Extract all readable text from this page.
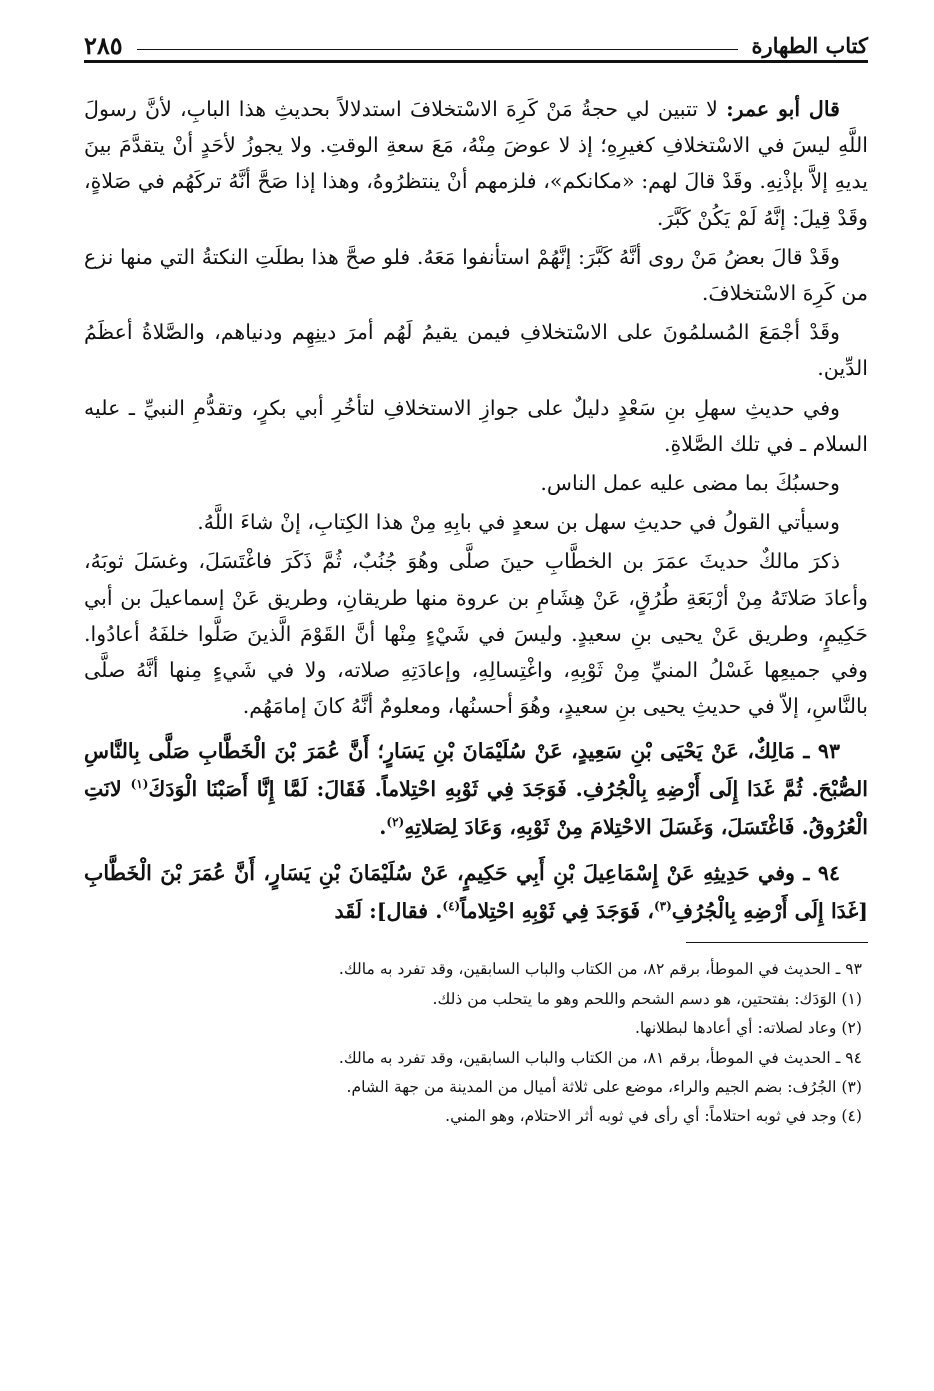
كتاب الطهارة
٢٨٥

قال أبو عمر: لا تتبين لي حجةُ مَنْ كَرِهَ الاسْتخلافَ استدلالاً بحديثِ هذا البابِ، لأنَّ رسولَ اللَّهِ ليسَ في الاسْتخلافِ كغيرِهِ؛ إذ لا عوضَ مِنْهُ، مَعَ سعةِ الوقتِ. ولا يجوزُ لأحَدٍ أنْ يتقدَّمَ بينَ يديهِ إلاَّ بإذْنِهِ. وقَدْ قالَ لهم: «مكانكم»، فلزمهم أنْ ينتظرُوهُ، وهذا إذا صَحَّ أنَّهُ تركَهُم في صَلاةٍ، وقَدْ قِيلَ: إنَّهُ لَمْ يَكُنْ كَبَّرَ.

وقَدْ قالَ بعضُ مَنْ روى أنَّهُ كَبَّرَ: إنَّهُمْ استأنفوا مَعَهُ. فلو صحَّ هذا بطلَتِ النكتةُ التي منها نزع من كَرِهَ الاسْتخلافَ.

وقَدْ أجْمَعَ المُسلمُونَ على الاسْتخلافِ فيمن يقيمُ لَهُم أمرَ دينِهِم ودنياهم، والصَّلاةُ أعظَمُ الدِّين.

وفي حديثِ سهلِ بنِ سَعْدٍ دليلٌ على جوازِ الاستخلافِ لتأخُرِ أبي بكرٍ، وتقدُّمِ النبيِّ ـ عليه السلام ـ في تلك الصَّلاةِ.

وحسبُكَ بما مضى عليه عمل الناس.

وسيأتي القولُ في حديثِ سهل بن سعدٍ في بابِهِ مِنْ هذا الكِتابِ، إنْ شاءَ اللَّهُ.

ذكرَ مالكٌ حديثَ عمَرَ بن الخطَّابِ حينَ صلَّى وهُوَ جُنُبٌ، ثُمَّ ذَكَرَ فاغْتَسَلَ، وغسَلَ ثوبَهُ، وأعادَ صَلاتَهُ مِنْ أرْبَعَةِ طُرُقٍ، عَنْ هِشَامِ بن عروة منها طريقانِ، وطريق عَنْ إسماعيلَ بن أبي حَكِيمٍ، وطريق عَنْ يحيى بنِ سعيدٍ. وليسَ في شَيْءٍ مِنْها أنَّ القَوْمَ الَّذينَ صَلَّوا خلفَهُ أعادُوا. وفي جميعِها غَسْلُ المنيِّ مِنْ ثَوْبِهِ، واغْتِسالِهِ، وإعادَتِهِ صلاته، ولا في شَيءٍ مِنها أنَّهُ صلَّى بالنَّاسِ، إلاّ في حديثِ يحيى بنِ سعيدٍ، وهُوَ أحسنُها، ومعلومٌ أنَّهُ كانَ إمامَهُم.

٩٣ ـ مَالِكٌ، عَنْ يَحْيَى بْنِ سَعِيدٍ، عَنْ سُلَيْمَانَ بْنِ يَسَارٍ؛ أَنَّ عُمَرَ بْنَ الْخَطَّابِ صَلَّى بِالنَّاسِ الصُّبْحَ. ثُمَّ غَدَا إِلَى أَرْضِهِ بِالْجُرُفِ. فَوَجَدَ فِي ثَوْبِهِ احْتِلاماً. فَقَالَ: لَمَّا إِنَّا أَصَبْنَا الْوَدَكَ$^{(١)}$ لانَتِ الْعُرُوقُ. فَاغْتَسَلَ، وَغَسَلَ الاحْتِلامَ مِنْ ثَوْبِهِ، وَعَادَ لِصَلاتِهِ$^{(٢)}$.

٩٤ ـ وفي حَدِيثِهِ عَنْ إِسْمَاعِيلَ بْنِ أَبِي حَكِيمٍ، عَنْ سُلَيْمَانَ بْنِ يَسَارٍ، أَنَّ عُمَرَ بْنَ الْخَطَّابِ [غَدَا إِلَى أَرْضِهِ بِالْجُرُفِ$^{(٣)}$، فَوَجَدَ فِي ثَوْبِهِ احْتِلاماً$^{(٤)}$. فقال]: لَقَد

٩٣ ـ الحديث في الموطأ، برقم ٨٢، من الكتاب والباب السابقين، وقد تفرد به مالك.

(١) الوَدَك: بفتحتين، هو دسم الشحم واللحم وهو ما يتحلب من ذلك.

(٢) وعاد لصلاته: أي أعادها لبطلانها.

٩٤ ـ الحديث في الموطأ، برقم ٨١، من الكتاب والباب السابقين، وقد تفرد به مالك.

(٣) الجُرُف: بضم الجيم والراء، موضع على ثلاثة أميال من المدينة من جهة الشام.

(٤) وجد في ثوبه احتلاماً: أي رأى في ثوبه أثر الاحتلام، وهو المني.
